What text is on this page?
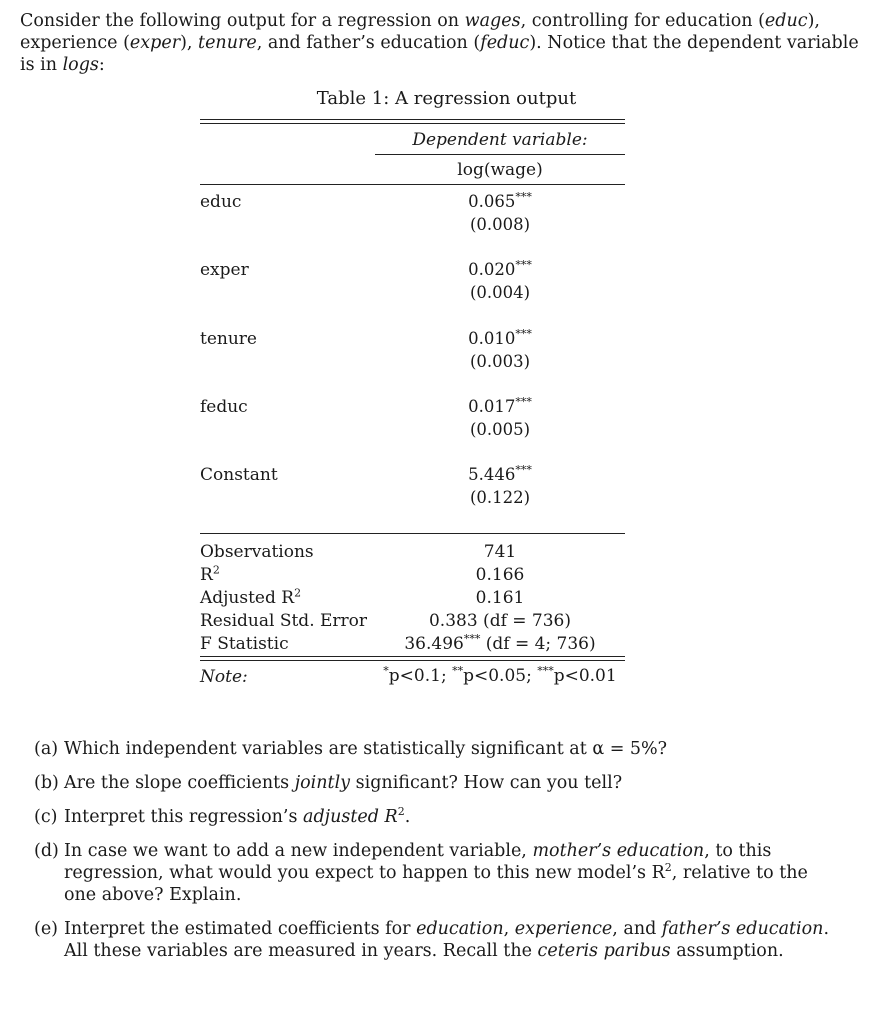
Consider the following output for a regression on wages, controlling for education (educ), experience (exper), tenure, and father’s education (feduc). Notice that the dependent variable is in logs:
Table 1: A regression output
Dependent variable:
log(wage)
educ	0.065***
(0.008)
exper	0.020***
(0.004)
tenure	0.010***
(0.003)
feduc	0.017***
(0.005)
Constant	5.446***
(0.122)
Observations	741
$R^2$	0.166
Adjusted $R^2$	0.161
Residual Std. Error	0.383 (df = 736)
F Statistic	36.496*** (df = 4; 736)
Note:	*p<0.1; **p<0.05; ***p<0.01
(a) Which independent variables are statistically significant at α = 5%?
(b) Are the slope coefficients jointly significant? How can you tell?
(c) Interpret this regression’s adjusted $R^2$.
(d) In case we want to add a new independent variable, mother’s education, to this regression, what would you expect to happen to this new model’s $R^2$, relative to the one above? Explain.
(e) Interpret the estimated coefficients for education, experience, and father’s education. All these variables are measured in years. Recall the ceteris paribus assumption.
